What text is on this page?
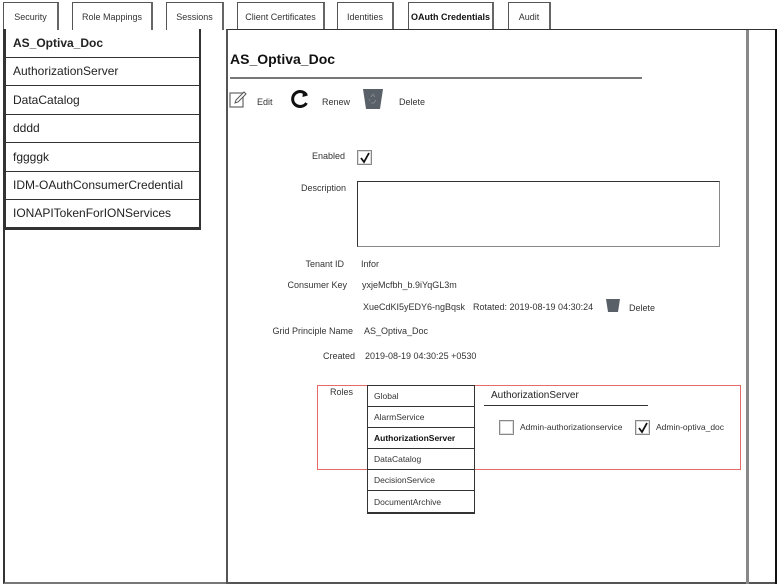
Security	Role Mappings	Sessions	Client Certificates	Identities	OAuth Credentials	Audit
AS_Optiva_Doc
AuthorizationServer
DataCatalog
dddd
fggggk
IDM-OAuthConsumerCredential
IONAPITokenForIONServices
AS_Optiva_Doc
Edit	Renew	Delete
Enabled
Description
Tenant ID Infor
Consumer Key yxjeMcfbh_b.9iYqGL3m
XueCdKI5yEDY6-ngBqsk Rotated: 2019-08-19 04:30:24	Delete
Grid Principle Name AS_Optiva_Doc
Created 2019-08-19 04:30:25 +0530
Roles	Global
AlarmService
AuthorizationServer
DataCatalog
DecisionService
DocumentArchive
AuthorizationServer
Admin-authorizationservice	Admin-optiva_doc
